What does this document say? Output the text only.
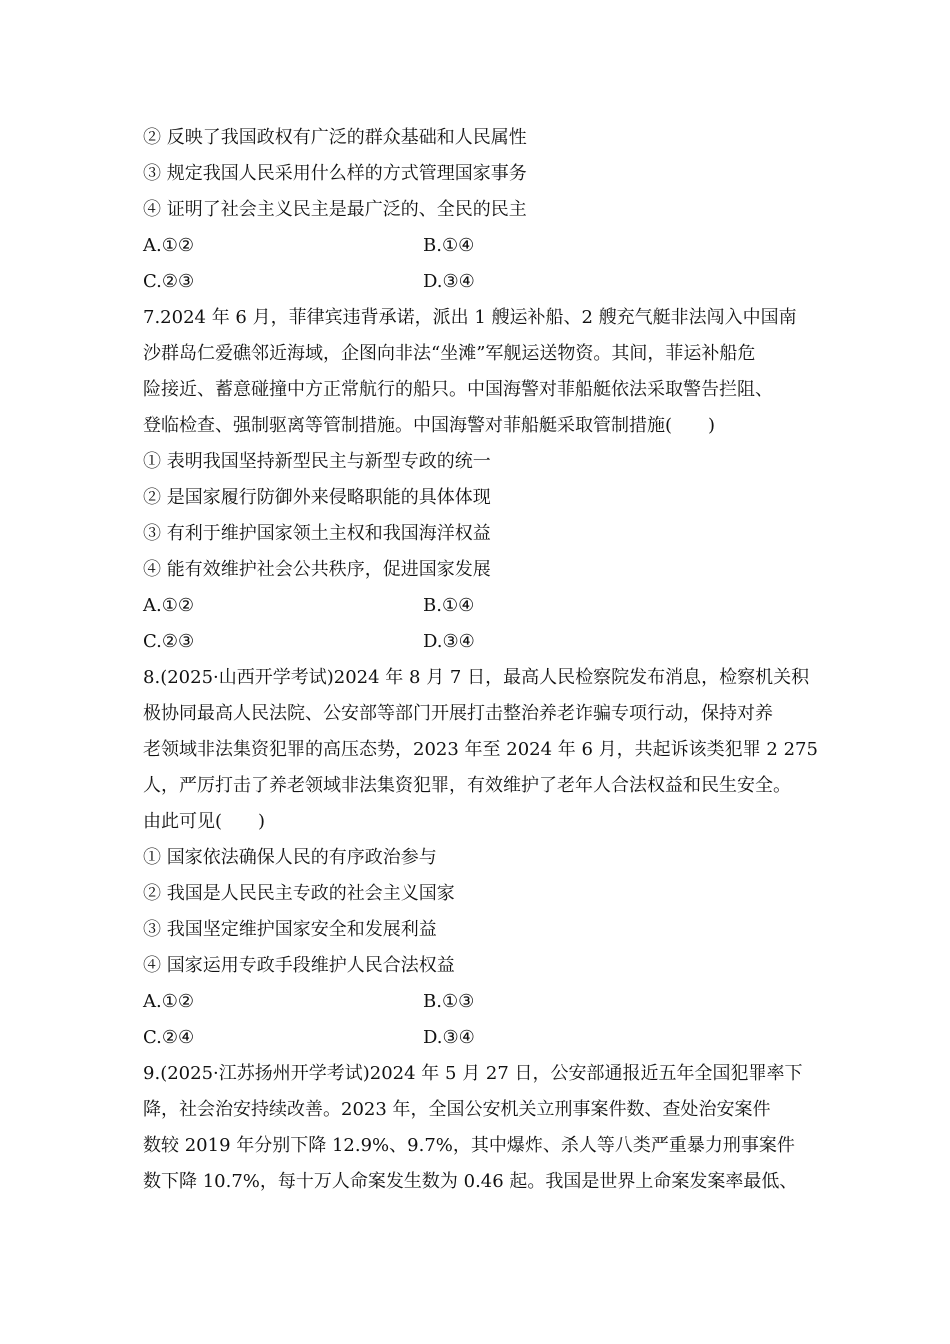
② 反映了我国政权有广泛的群众基础和人民属性
③ 规定我国人民采用什么样的方式管理国家事务
④ 证明了社会主义民主是最广泛的、全民的民主
A.①②	B.①④
C.②③	D.③④
7.2024 年 6 月，菲律宾违背承诺，派出 1 艘运补船、2 艘充气艇非法闯入中国南
沙群岛仁爱礁邻近海域，企图向非法“坐滩”军舰运送物资。其间，菲运补船危
险接近、蓄意碰撞中方正常航行的船只。中国海警对菲船艇依法采取警告拦阻、
登临检查、强制驱离等管制措施。中国海警对菲船艇采取管制措施(　　)
① 表明我国坚持新型民主与新型专政的统一
② 是国家履行防御外来侵略职能的具体体现
③ 有利于维护国家领土主权和我国海洋权益
④ 能有效维护社会公共秩序，促进国家发展
A.①②	B.①④
C.②③	D.③④
8.(2025·山西开学考试)2024 年 8 月 7 日，最高人民检察院发布消息，检察机关积
极协同最高人民法院、公安部等部门开展打击整治养老诈骗专项行动，保持对养
老领域非法集资犯罪的高压态势，2023 年至 2024 年 6 月，共起诉该类犯罪 2 275
人，严厉打击了养老领域非法集资犯罪，有效维护了老年人合法权益和民生安全。
由此可见(　　)
① 国家依法确保人民的有序政治参与
② 我国是人民民主专政的社会主义国家
③ 我国坚定维护国家安全和发展利益
④ 国家运用专政手段维护人民合法权益
A.①②	B.①③
C.②④	D.③④
9.(2025·江苏扬州开学考试)2024 年 5 月 27 日，公安部通报近五年全国犯罪率下
降，社会治安持续改善。2023 年，全国公安机关立刑事案件数、查处治安案件
数较 2019 年分别下降 12.9%、9.7%，其中爆炸、杀人等八类严重暴力刑事案件
数下降 10.7%，每十万人命案发生数为 0.46 起。我国是世界上命案发案率最低、
